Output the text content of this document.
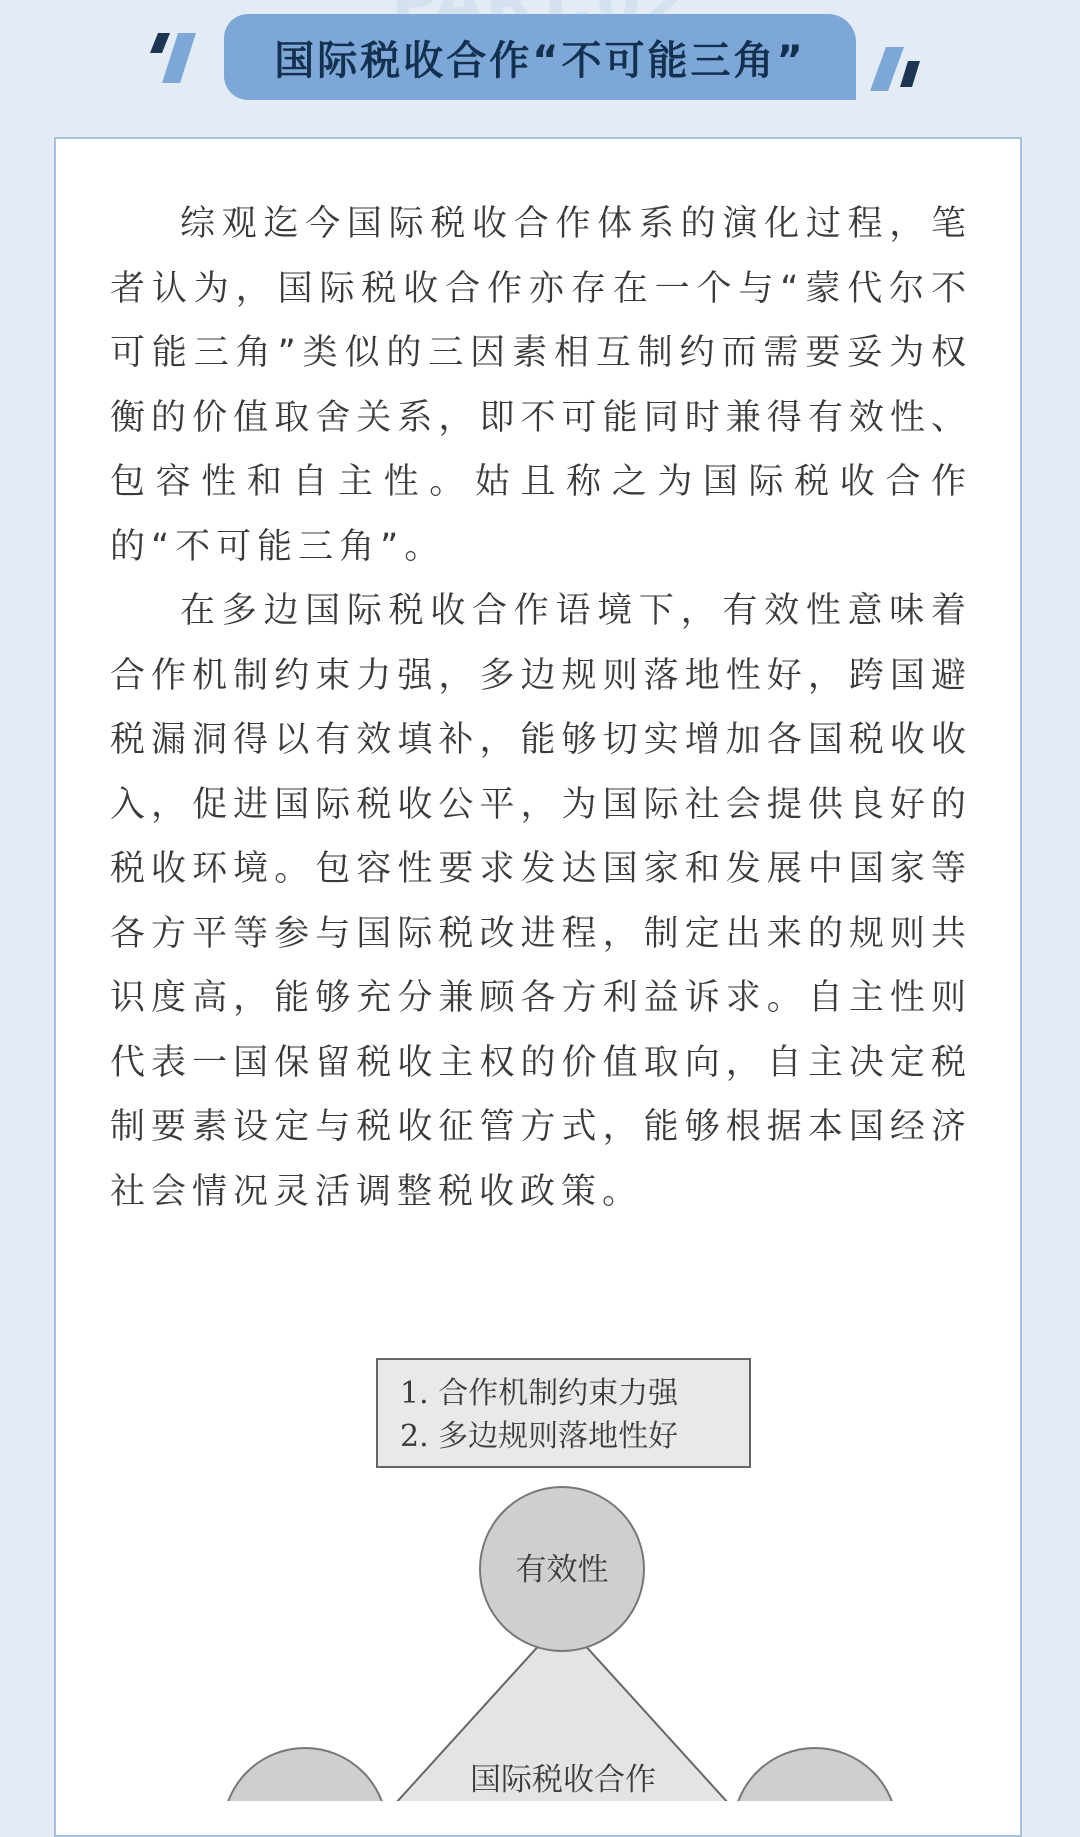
国际税收合作“不可能三角”

综观迄今国际税收合作体系的演化过程，笔者认为，国际税收合作亦存在一个与“蒙代尔不可能三角”类似的三因素相互制约而需要妥为权衡的价值取舍关系，即不可能同时兼得有效性、包容性和自主性。姑且称之为国际税收合作的“不可能三角”。

在多边国际税收合作语境下，有效性意味着合作机制约束力强，多边规则落地性好，跨国避税漏洞得以有效填补，能够切实增加各国税收收入，促进国际税收公平，为国际社会提供良好的税收环境。包容性要求发达国家和发展中国家等各方平等参与国际税改进程，制定出来的规则共识度高，能够充分兼顾各方利益诉求。自主性则代表一国保留税收主权的价值取向，自主决定税制要素设定与税收征管方式，能够根据本国经济社会情况灵活调整税收政策。

1. 合作机制约束力强
2. 多边规则落地性好
有效性
国际税收合作
